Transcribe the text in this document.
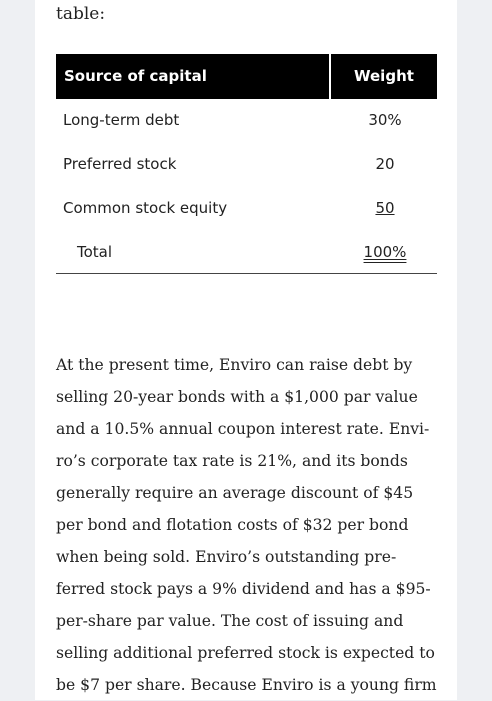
table:
Source of capital	Weight
Long-term debt	30%
Preferred stock	20
Common stock equity	50
Total	100%
At the present time, Enviro can raise debt by
selling 20-year bonds with a $1,000 par value
and a 10.5% annual coupon interest rate. Envi-
ro’s corporate tax rate is 21%, and its bonds
generally require an average discount of $45
per bond and flotation costs of $32 per bond
when being sold. Enviro’s outstanding pre-
ferred stock pays a 9% dividend and has a $95-
per-share par value. The cost of issuing and
selling additional preferred stock is expected to
be $7 per share. Because Enviro is a young firm
